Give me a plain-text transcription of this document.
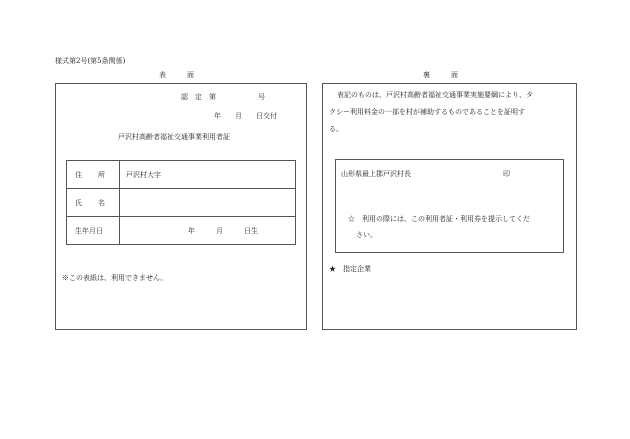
様式第2号(第5条関係)
表　　　面	裏　　　面
認　定　第　　　　　　号
年　　月　　日交付
戸沢村高齢者福祉交通事業利用者証
住 所	戸沢村大字

氏 名	

生年月日	年　　　月　　　日生
※この表紙は、利用できません。
表記のものは、戸沢村高齢者福祉交通事業実施要綱により、タ
クシー利用料金の一部を村が補助するものであることを証明す
る。
山形県最上郡戸沢村長	印
☆　利用の際には、この利用者証・利用券を提示してくだ
さい。
★　指定企業
